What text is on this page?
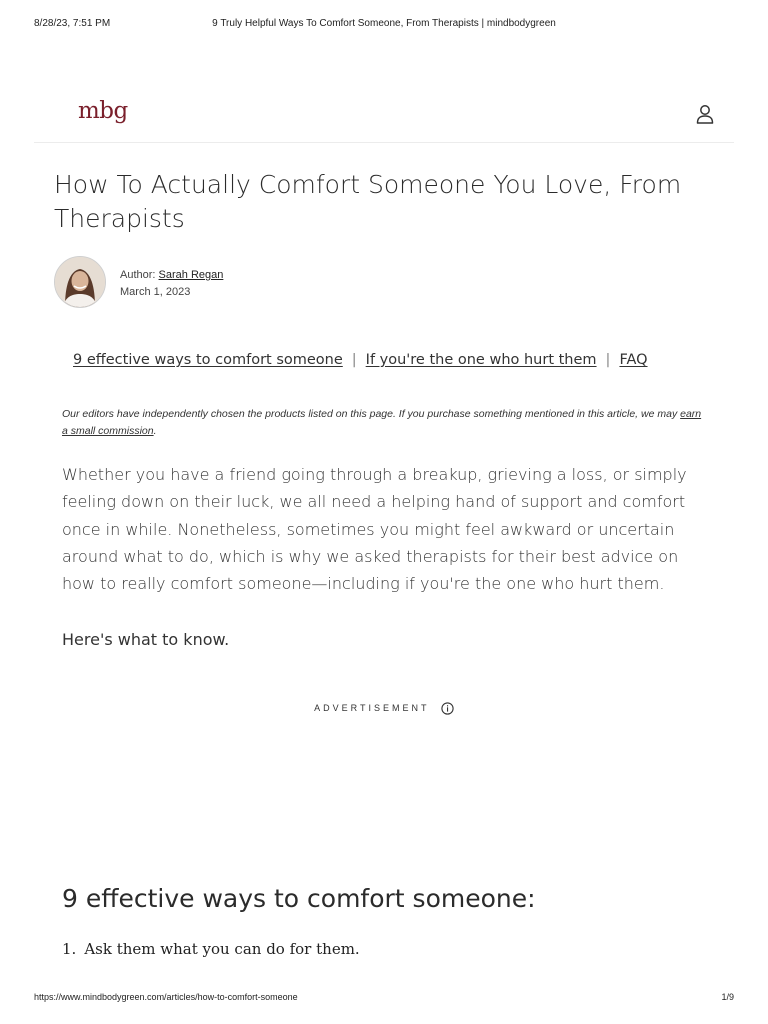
8/28/23, 7:51 PM	9 Truly Helpful Ways To Comfort Someone, From Therapists | mindbodygreen
mbg
How To Actually Comfort Someone You Love, From Therapists
Author: Sarah Regan
March 1, 2023
9 effective ways to comfort someone | If you're the one who hurt them | FAQ

Our editors have independently chosen the products listed on this page. If you purchase something mentioned in this article, we may earn a small commission.

Whether you have a friend going through a breakup, grieving a loss, or simply feeling down on their luck, we all need a helping hand of support and comfort once in while. Nonetheless, sometimes you might feel awkward or uncertain around what to do, which is why we asked therapists for their best advice on how to really comfort someone—including if you're the one who hurt them.

Here's what to know.

ADVERTISEMENT
9 effective ways to comfort someone:

1. Ask them what you can do for them.

https://www.mindbodygreen.com/articles/how-to-comfort-someone	1/9
